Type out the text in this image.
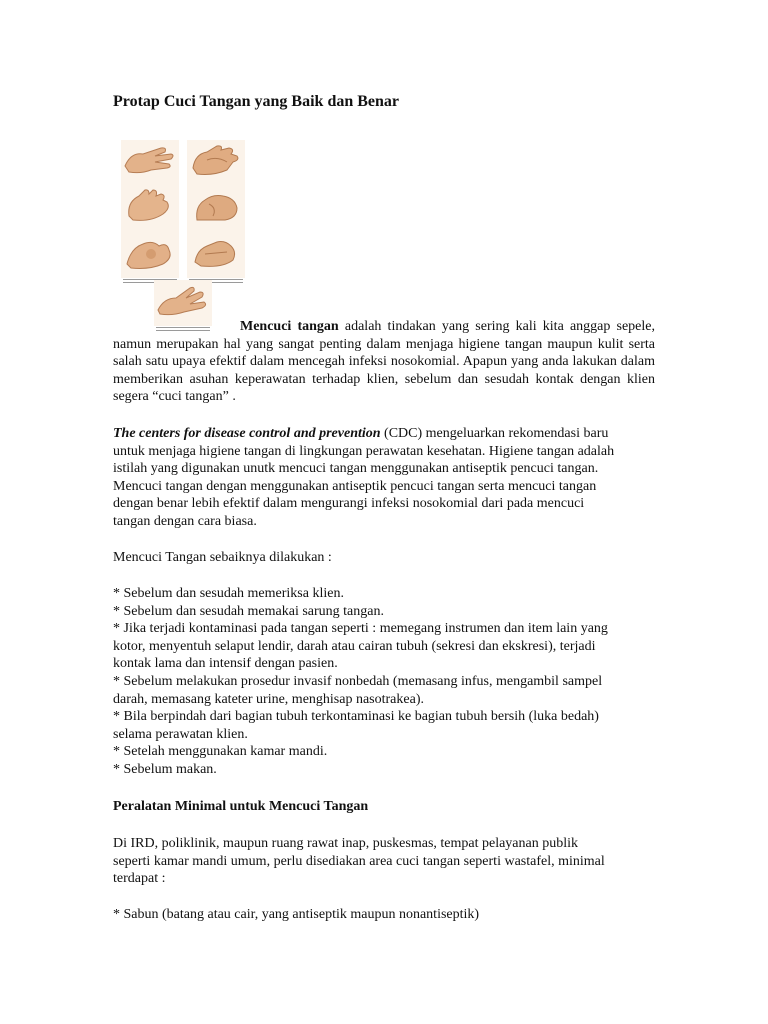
Protap Cuci Tangan yang Baik dan Benar

Mencuci tangan adalah tindakan yang sering kali kita anggap sepele, namun merupakan hal yang sangat penting dalam menjaga higiene tangan maupun kulit serta salah satu upaya efektif dalam mencegah infeksi nosokomial. Apapun yang anda lakukan dalam memberikan asuhan keperawatan terhadap klien, sebelum dan sesudah kontak dengan klien segera “cuci tangan” .

The centers for disease control and prevention (CDC) mengeluarkan rekomendasi baru
untuk menjaga higiene tangan di lingkungan perawatan kesehatan. Higiene tangan adalah
istilah yang digunakan unutk mencuci tangan menggunakan antiseptik pencuci tangan.
Mencuci tangan dengan menggunakan antiseptik pencuci tangan serta mencuci tangan
dengan benar lebih efektif dalam mengurangi infeksi nosokomial dari pada mencuci
tangan dengan cara biasa.
Mencuci Tangan sebaiknya dilakukan :
* Sebelum dan sesudah memeriksa klien.
* Sebelum dan sesudah memakai sarung tangan.
* Jika terjadi kontaminasi pada tangan seperti : memegang instrumen dan item lain yang
kotor, menyentuh selaput lendir, darah atau cairan tubuh (sekresi dan ekskresi), terjadi
kontak lama dan intensif dengan pasien.
* Sebelum melakukan prosedur invasif nonbedah (memasang infus, mengambil sampel
darah, memasang kateter urine, menghisap nasotrakea).
* Bila berpindah dari bagian tubuh terkontaminasi ke bagian tubuh bersih (luka bedah)
selama perawatan klien.
* Setelah menggunakan kamar mandi.
* Sebelum makan.
Peralatan Minimal untuk Mencuci Tangan
Di IRD, poliklinik, maupun ruang rawat inap, puskesmas, tempat pelayanan publik
seperti kamar mandi umum, perlu disediakan area cuci tangan seperti wastafel, minimal
terdapat :
* Sabun (batang atau cair, yang antiseptik maupun nonantiseptik)
